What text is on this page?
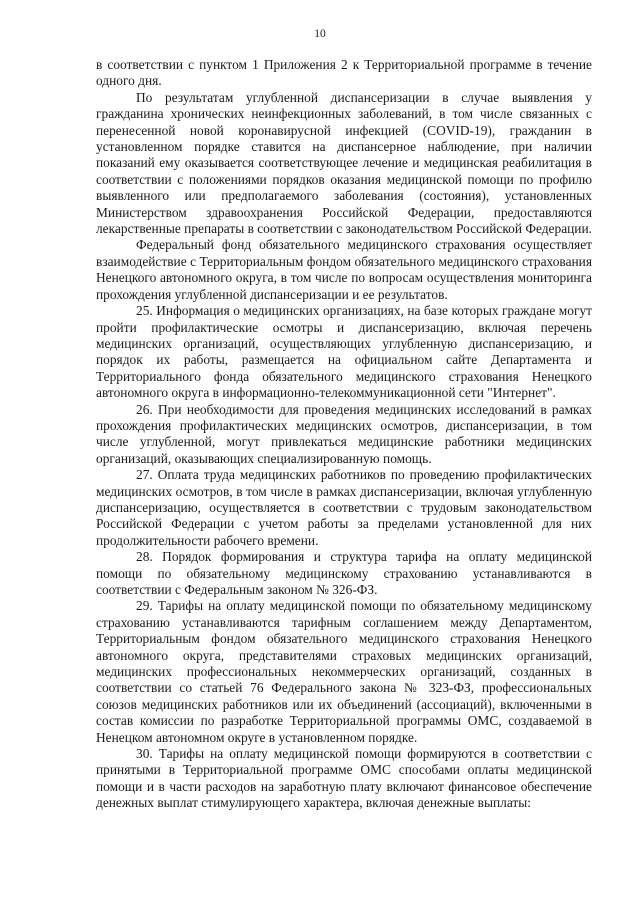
10

в соответствии с пунктом 1 Приложения 2 к Территориальной программе в течение одного дня.

По результатам углубленной диспансеризации в случае выявления у гражданина хронических неинфекционных заболеваний, в том числе связанных с перенесенной новой коронавирусной инфекцией (COVID-19), гражданин в установленном порядке ставится на диспансерное наблюдение, при наличии показаний ему оказывается соответствующее лечение и медицинская реабилитация в соответствии с положениями порядков оказания медицинской помощи по профилю выявленного или предполагаемого заболевания (состояния), установленных Министерством здравоохранения Российской Федерации, предоставляются лекарственные препараты в соответствии с законодательством Российской Федерации.

Федеральный фонд обязательного медицинского страхования осуществляет взаимодействие с Территориальным фондом обязательного медицинского страхования Ненецкого автономного округа, в том числе по вопросам осуществления мониторинга прохождения углубленной диспансеризации и ее результатов.

25. Информация о медицинских организациях, на базе которых граждане могут пройти профилактические осмотры и диспансеризацию, включая перечень медицинских организаций, осуществляющих углубленную диспансеризацию, и порядок их работы, размещается на официальном сайте Департамента и Территориального фонда обязательного медицинского страхования Ненецкого автономного округа в информационно-телекоммуникационной сети "Интернет".

26. При необходимости для проведения медицинских исследований в рамках прохождения профилактических медицинских осмотров, диспансеризации, в том числе углубленной, могут привлекаться медицинские работники медицинских организаций, оказывающих специализированную помощь.

27. Оплата труда медицинских работников по проведению профилактических медицинских осмотров, в том числе в рамках диспансеризации, включая углубленную диспансеризацию, осуществляется в соответствии с трудовым законодательством Российской Федерации с учетом работы за пределами установленной для них продолжительности рабочего времени.

28. Порядок формирования и структура тарифа на оплату медицинской помощи по обязательному медицинскому страхованию устанавливаются в соответствии с Федеральным законом № 326-ФЗ.

29. Тарифы на оплату медицинской помощи по обязательному медицинскому страхованию устанавливаются тарифным соглашением между Департаментом, Территориальным фондом обязательного медицинского страхования Ненецкого автономного округа, представителями страховых медицинских организаций, медицинских профессиональных некоммерческих организаций, созданных в соответствии со статьей 76 Федерального закона № 323-ФЗ, профессиональных союзов медицинских работников или их объединений (ассоциаций), включенными в состав комиссии по разработке Территориальной программы ОМС, создаваемой в Ненецком автономном округе в установленном порядке.

30. Тарифы на оплату медицинской помощи формируются в соответствии с принятыми в Территориальной программе ОМС способами оплаты медицинской помощи и в части расходов на заработную плату включают финансовое обеспечение денежных выплат стимулирующего характера, включая денежные выплаты:
